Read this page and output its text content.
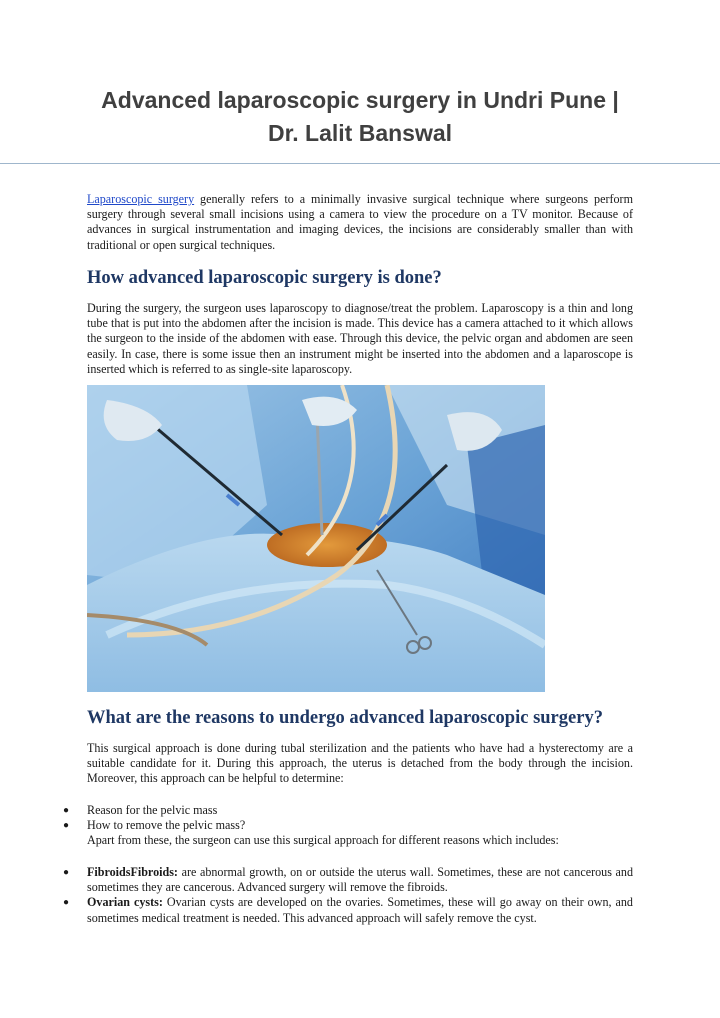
Advanced laparoscopic surgery in Undri Pune |
Dr. Lalit Banswal

Laparoscopic surgery generally refers to a minimally invasive surgical technique where surgeons perform surgery through several small incisions using a camera to view the procedure on a TV monitor. Because of advances in surgical instrumentation and imaging devices, the incisions are considerably smaller than with traditional or open surgical techniques.

How advanced laparoscopic surgery is done?

During the surgery, the surgeon uses laparoscopy to diagnose/treat the problem. Laparoscopy is a thin and long tube that is put into the abdomen after the incision is made. This device has a camera attached to it which allows the surgeon to the inside of the abdomen with ease. Through this device, the pelvic organ and abdomen are seen easily. In case, there is some issue then an instrument might be inserted into the abdomen and a laparoscope is inserted which is referred to as single-site laparoscopy.

What are the reasons to undergo advanced laparoscopic surgery?

This surgical approach is done during tubal sterilization and the patients who have had a hysterectomy are a suitable candidate for it. During this approach, the uterus is detached from the body through the incision. Moreover, this approach can be helpful to determine:

● Reason for the pelvic mass
● How to remove the pelvic mass?
Apart from these, the surgeon can use this surgical approach for different reasons which includes:
● FibroidsFibroids: are abnormal growth, on or outside the uterus wall. Sometimes, these are not cancerous and sometimes they are cancerous. Advanced surgery will remove the fibroids.
● Ovarian cysts: Ovarian cysts are developed on the ovaries. Sometimes, these will go away on their own, and sometimes medical treatment is needed. This advanced approach will safely remove the cyst.
